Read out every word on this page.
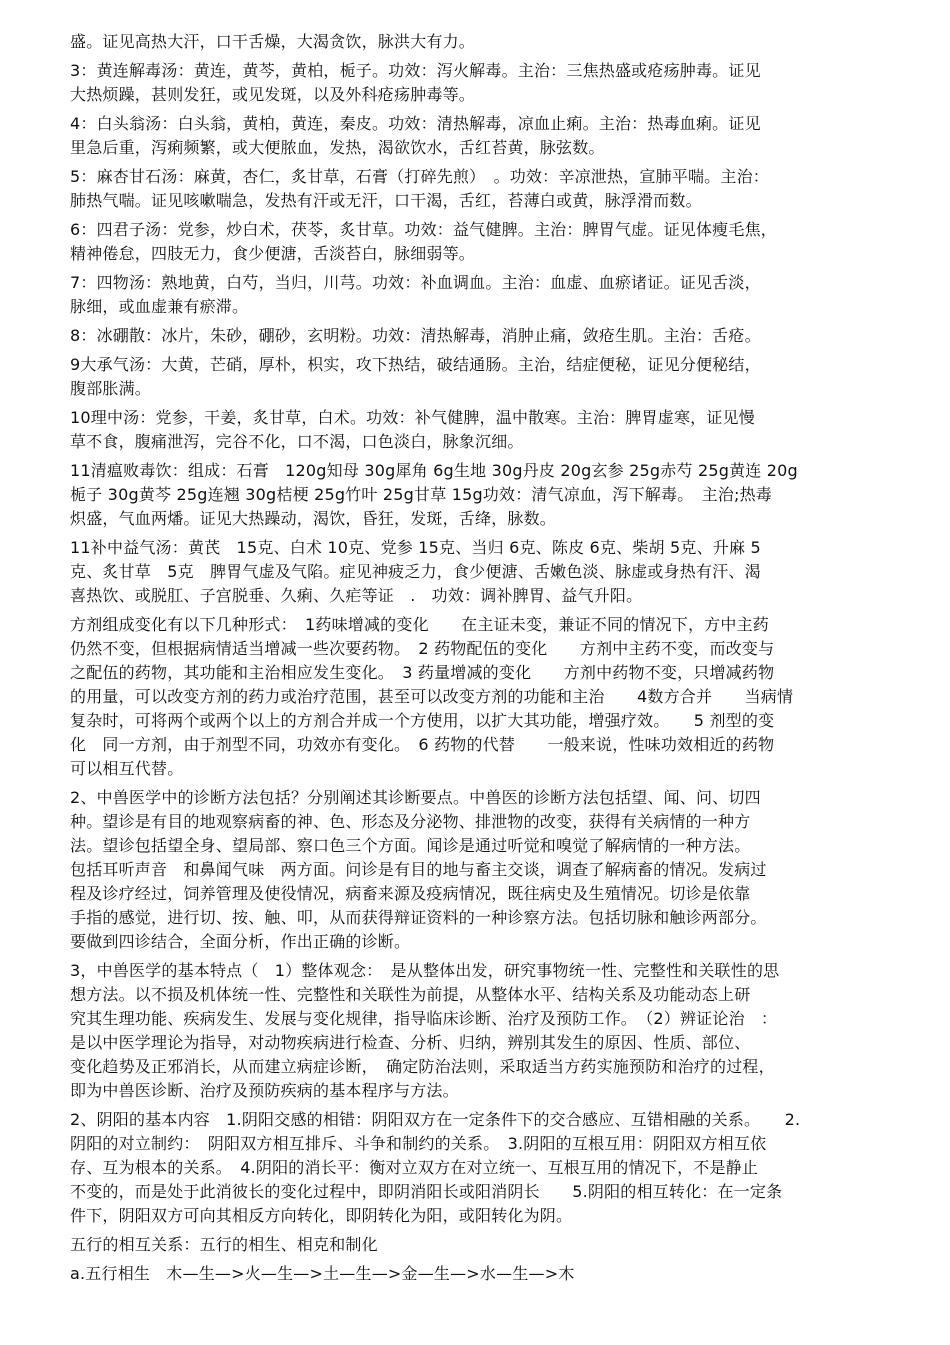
盛。证见高热大汗，口干舌燥，大渴贪饮，脉洪大有力。
3：黄连解毒汤：黄连，黄芩，黄柏，栀子。功效：泻火解毒。主治：三焦热盛或疮疡肿毒。证见
大热烦躁，甚则发狂，或见发斑，以及外科疮疡肿毒等。
4：白头翁汤：白头翁，黄柏，黄连，秦皮。功效：清热解毒，凉血止痢。主治：热毒血痢。证见
里急后重，泻痢频繁，或大便脓血，发热，渴欲饮水，舌红苔黄，脉弦数。
5：麻杏甘石汤：麻黄，杏仁，炙甘草，石膏（打碎先煎）　。功效：辛凉泄热，宣肺平喘。主治：
肺热气喘。证见咳嗽喘急，发热有汗或无汗，口干渴，舌红，苔薄白或黄，脉浮滑而数。
6：四君子汤：党参，炒白术，茯苓，炙甘草。功效：益气健脾。主治：脾胃气虚。证见体瘦毛焦，
精神倦怠，四肢无力，食少便溏，舌淡苔白，脉细弱等。
7：四物汤：熟地黄，白芍，当归，川芎。功效：补血调血。主治：血虚、血瘀诸证。证见舌淡，
脉细，或血虚兼有瘀滞。
8：冰硼散：冰片，朱砂，硼砂，玄明粉。功效：清热解毒，消肿止痛，敛疮生肌。主治：舌疮。
9大承气汤：大黄，芒硝，厚朴，枳实，攻下热结，破结通肠。主治，结症便秘，证见分便秘结，
腹部胀满。
10理中汤：党参，干姜，炙甘草，白术。功效：补气健脾，温中散寒。主治：脾胃虚寒，证见慢
草不食，腹痛泄泻，完谷不化，口不渴，口色淡白，脉象沉细。
11清瘟败毒饮：组成：石膏　120g知母 30g犀角 6g生地 30g丹皮 20g玄参 25g赤芍 25g黄连 20g
栀子 30g黄芩 25g连翘 30g桔梗 25g竹叶 25g甘草 15g功效：清气凉血，泻下解毒。　主治;热毒
炽盛，气血两燔。证见大热躁动，渴饮，昏狂，发斑，舌绛，脉数。
11补中益气汤：黄芪　15克、白术 10克、党参 15克、当归 6克、陈皮 6克、柴胡 5克、升麻 5
克、炙甘草　5克　脾胃气虚及气陷。症见神疲乏力，食少便溏、舌嫩色淡、脉虚或身热有汗、渴
喜热饮、或脱肛、子宫脱垂、久痢、久疟等证　.　功效：调补脾胃、益气升阳。
方剂组成变化有以下几种形式：　1药味增减的变化　　在主证未变，兼证不同的情况下，方中主药
仍然不变，但根据病情适当增减一些次要药物。　2 药物配伍的变化　　方剂中主药不变，而改变与
之配伍的药物，其功能和主治相应发生变化。　3 药量增减的变化　　方剂中药物不变，只增减药物
的用量，可以改变方剂的药力或治疗范围，甚至可以改变方剂的功能和主治　　4数方合并　　当病情
复杂时，可将两个或两个以上的方剂合并成一个方使用，以扩大其功能，增强疗效。　　5 剂型的变
化　同一方剂，由于剂型不同，功效亦有变化。　6 药物的代替　　一般来说，性味功效相近的药物
可以相互代替。
2、中兽医学中的诊断方法包括？分别阐述其诊断要点。中兽医的诊断方法包括望、闻、问、切四
种。望诊是有目的地观察病畜的神、色、形态及分泌物、排泄物的改变，获得有关病情的一种方
法。望诊包括望全身、望局部、察口色三个方面。闻诊是通过听觉和嗅觉了解病情的一种方法。
包括耳听声音　和鼻闻气味　两方面。问诊是有目的地与畜主交谈，调查了解病畜的情况。发病过
程及诊疗经过，饲养管理及使役情况，病畜来源及疫病情况，既往病史及生殖情况。切诊是依靠
手指的感觉，进行切、按、触、叩，从而获得辩证资料的一种诊察方法。包括切脉和触诊两部分。
要做到四诊结合，全面分析，作出正确的诊断。
3，中兽医学的基本特点（　1）整体观念：　是从整体出发，研究事物统一性、完整性和关联性的思
想方法。以不损及机体统一性、完整性和关联性为前提，从整体水平、结构关系及功能动态上研
究其生理功能、疾病发生、发展与变化规律，指导临床诊断、治疗及预防工作。　（2）辨证论治　：
是以中医学理论为指导，对动物疾病进行检查、分析、归纳，辨别其发生的原因、性质、部位、
变化趋势及正邪消长，从而建立病症诊断，　确定防治法则，采取适当方药实施预防和治疗的过程，
即为中兽医诊断、治疗及预防疾病的基本程序与方法。
2、阴阳的基本内容　1.阴阳交感的相错：阴阳双方在一定条件下的交合感应、互错相融的关系。　　2.
阴阳的对立制约：　阴阳双方相互排斥、斗争和制约的关系。　3.阴阳的互根互用：阴阳双方相互依
存、互为根本的关系。　4.阴阳的消长平：衡对立双方在对立统一、互根互用的情况下，不是静止
不变的，而是处于此消彼长的变化过程中，即阴消阳长或阳消阴长　　5.阴阳的相互转化：在一定条
件下，阴阳双方可向其相反方向转化，即阴转化为阳，或阳转化为阴。
五行的相互关系：五行的相生、相克和制化
a.五行相生　木—生—>火—生—>土—生—>金—生—>水—生—>木
